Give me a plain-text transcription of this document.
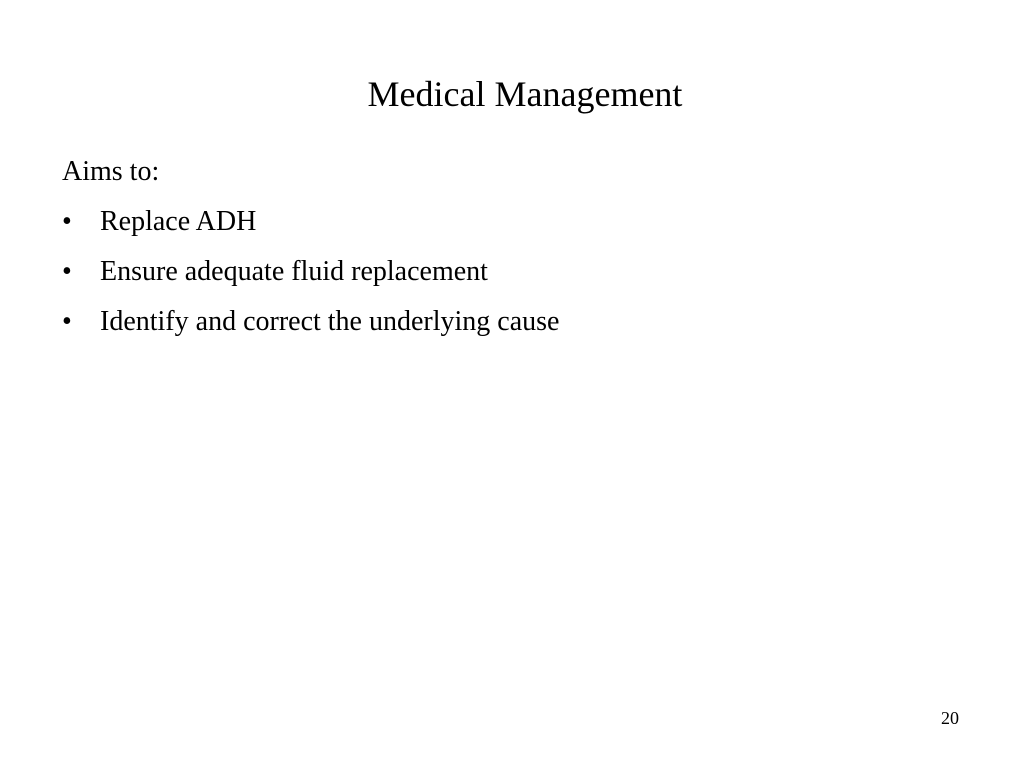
Medical Management
Aims to:
•	Replace ADH
•	Ensure adequate fluid replacement
•	Identify and correct the underlying cause
20
